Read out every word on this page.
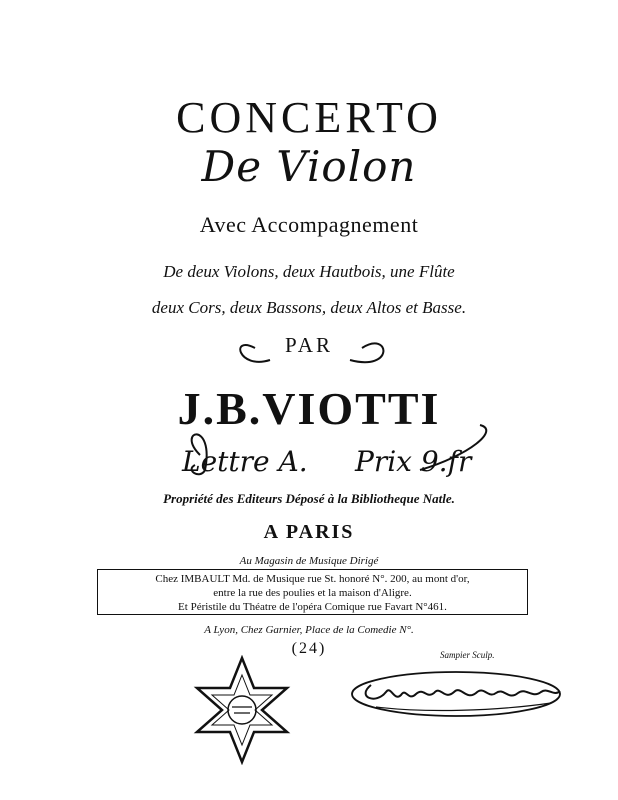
CONCERTO
De Violon
Avec Accompagnement
De deux Violons, deux Hautbois, une Flûte
deux Cors, deux Bassons, deux Altos et Basse.
PAR
J.B.VIOTTI
Lettre A. Prix 9.fr
Propriété des Editeurs Déposé à la Bibliotheque Natle.
A PARIS
Au Magasin de Musique Dirigé
Chez IMBAULT Md. de Musique rue St. honoré N°. 200, au mont d'or,
entre la rue des poulies et la maison d'Aligre.
Et Péristile du Théatre de l'opéra Comique rue Favart N°461.
A Lyon, Chez Garnier, Place de la Comedie N°.
(24)	Sampier Sculp.
